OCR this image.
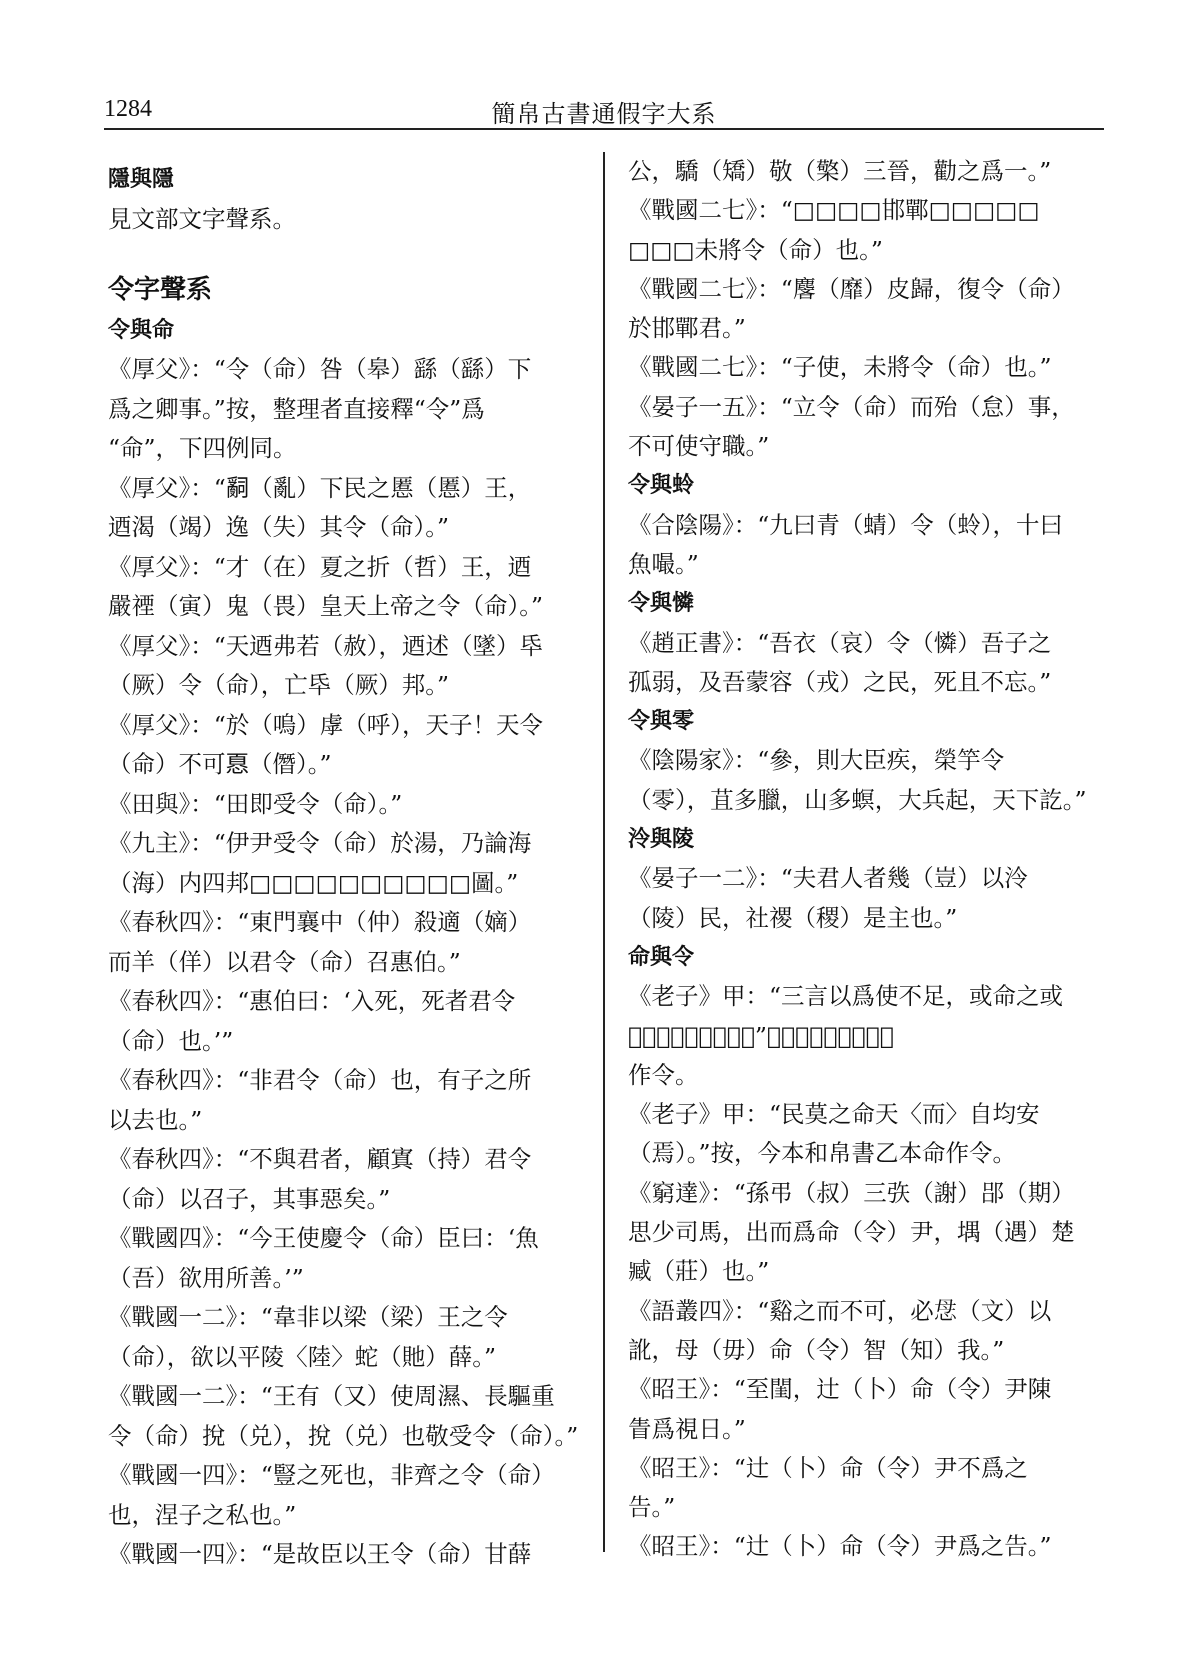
1284	簡帛古書通假字大系
隱與隱
見文部文字聲系。
令字聲系
令與命
《厚父》：“令（命）咎（皋）繇（繇）下
爲之卿事。”按，整理者直接釋“令”爲
“命”，下四例同。
《厚父》：“𤔲（亂）下民之慝（慝）王，
迺渴（竭）逸（失）其令（命）。”
《厚父》：“才（在）夏之折（哲）王，迺
嚴禋（寅）鬼（畏）皇天上帝之令（命）。”
《厚父》：“天迺弗若（赦），迺述（墜）氒
（厥）令（命），亡氒（厥）邦。”
《厚父》：“於（嗚）虖（呼），天子！天令
（命）不可𢝊（僭）。”
《田與》：“田即受令（命）。”
《九主》：“伊尹受令（命）於湯，乃論海
（海）内四邦□□□□□□□□□□圖。”
《春秋四》：“東門襄中（仲）殺適（嫡）
而羊（佯）以君令（命）召惠伯。”
《春秋四》：“惠伯曰：‘入死，死者君令
（命）也。’”
《春秋四》：“非君令（命）也，有子之所
以去也。”
《春秋四》：“不與君者，顧寘（持）君令
（命）以召子，其事惡矣。”
《戰國四》：“今王使慶令（命）臣曰：‘魚
（吾）欲用所善。’”
《戰國一二》：“韋非以梁（梁）王之令
（命），欲以平陵〈陸〉蛇（貤）薛。”
《戰國一二》：“王有（又）使周濕、長驅重
令（命）挩（兑），挩（兑）也敬受令（命）。”
《戰國一四》：“豎之死也，非齊之令（命）
也，涅子之私也。”
《戰國一四》：“是故臣以王令（命）甘薛
公，驕（矯）敬（檠）三晉，勸之爲一。”
《戰國二七》：“□□□□邯鄲□□□□□
□□□未將令（命）也。”
《戰國二七》：“麐（靡）皮歸，復令（命）
於邯鄲君。”
《戰國二七》：“子使，未將令（命）也。”
《晏子一五》：“立令（命）而殆（怠）事，
不可使守職。”
令與蛉
《合陰陽》：“九曰青（蜻）令（蛉），十曰
魚嘬。”
令與憐
《趙正書》：“吾衣（哀）令（憐）吾子之
孤弱，及吾蒙容（戎）之民，死且不忘。”
令與零
《陰陽家》：“參，則大臣疾，榮竽令
（零），苴多臘，山多螟，大兵起，天下訖。”
泠與陵
《晏子一二》：“夫君人者幾（豈）以泠
（陵）民，社禝（稷）是主也。”
命與令
《老子》甲：“三言以爲使不足，或命之或
𢧍（所）豆（屬）。”按，今本和帛書本命
作令。
《老子》甲：“民莫之命天〈而〉自均安
（焉）。”按，今本和帛書乙本命作令。
《窮達》：“孫弔（叔）三矤（謝）郘（期）
思少司馬，出而爲命（令）尹，堣（遇）楚
臧（莊）也。”
《語叢四》：“谿之而不可，必𢘓（文）以
訛，母（毋）命（令）智（知）我。”
《昭王》：“至閨，辻（卜）命（令）尹陳
眚爲視日。”
《昭王》：“辻（卜）命（令）尹不爲之
告。”
《昭王》：“辻（卜）命（令）尹爲之告。”
